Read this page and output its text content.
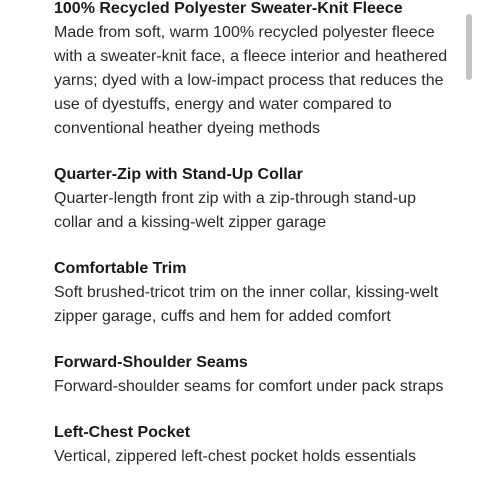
100% Recycled Polyester Sweater-Knit Fleece

Made from soft, warm 100% recycled polyester fleece with a sweater-knit face, a fleece interior and heathered yarns; dyed with a low-impact process that reduces the use of dyestuffs, energy and water compared to conventional heather dyeing methods

Quarter-Zip with Stand-Up Collar

Quarter-length front zip with a zip-through stand-up collar and a kissing-welt zipper garage

Comfortable Trim

Soft brushed-tricot trim on the inner collar, kissing-welt zipper garage, cuffs and hem for added comfort

Forward-Shoulder Seams

Forward-shoulder seams for comfort under pack straps

Left-Chest Pocket

Vertical, zippered left-chest pocket holds essentials
